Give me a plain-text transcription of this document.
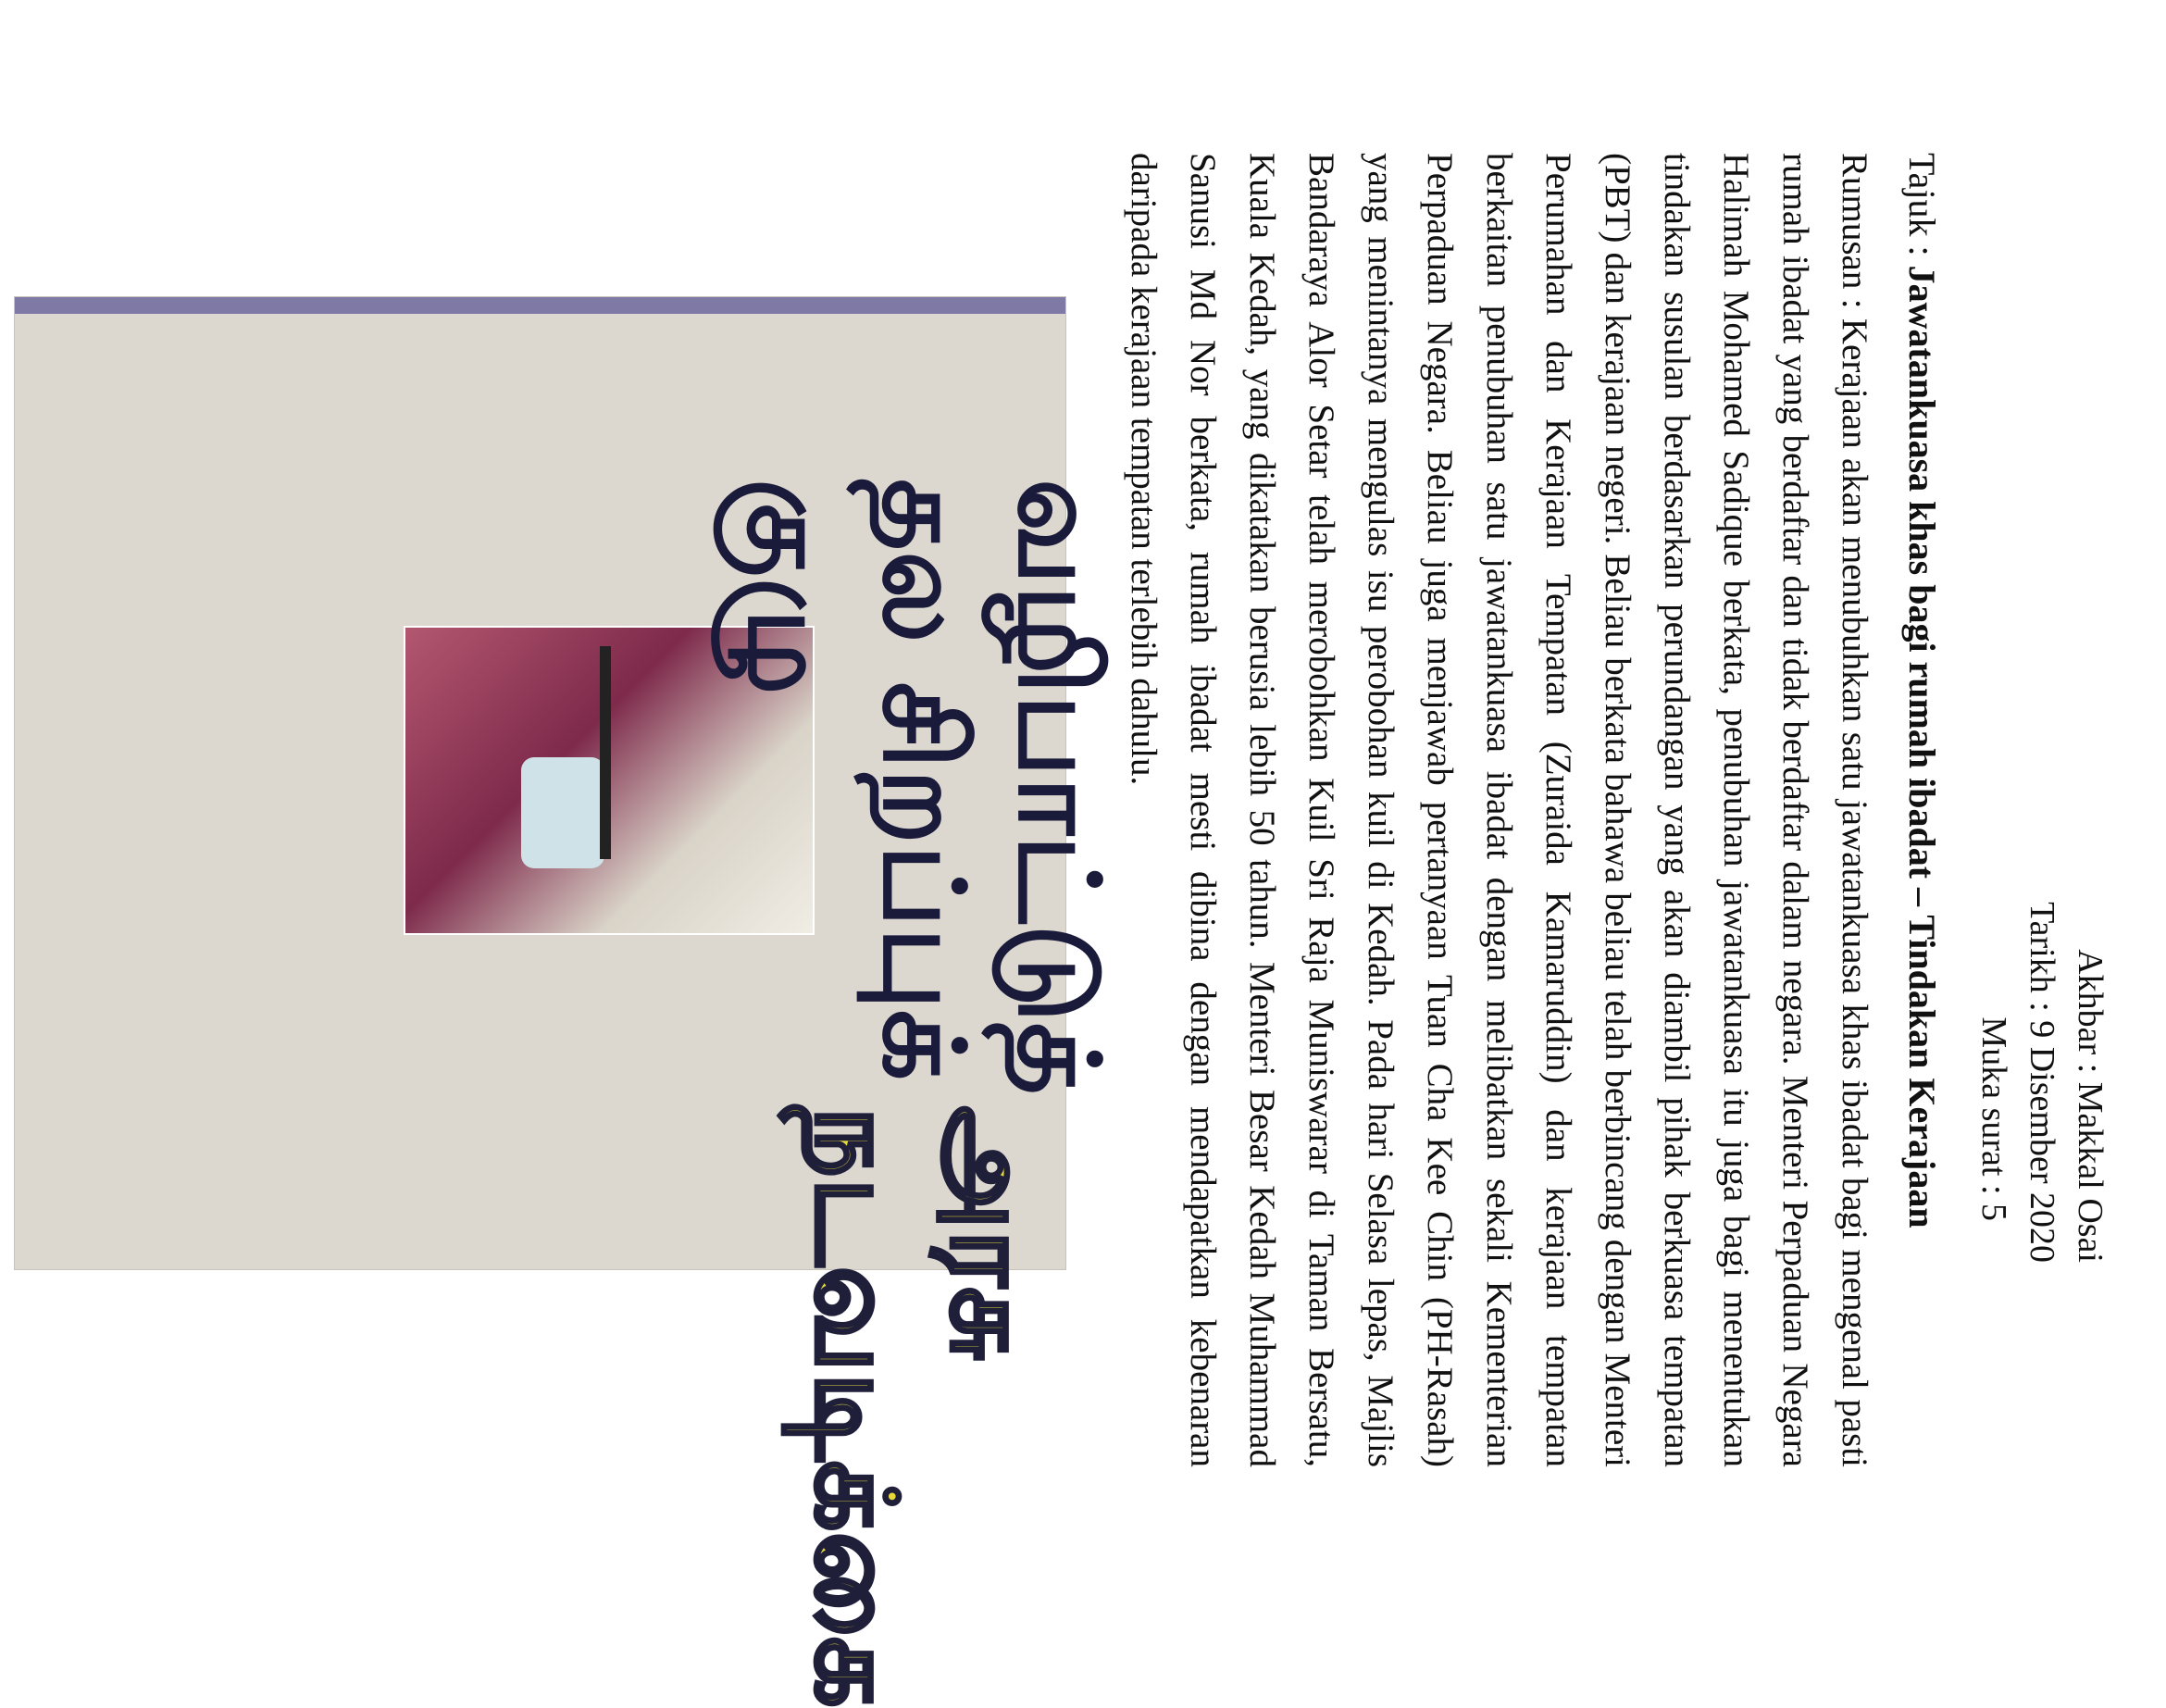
வழிபாட்டுத் தல சிறப்புக் குழு
அரசு நடவடிக்கை
Akhbar : Makkal Osai
Tarikh : 9 Disember 2020
Muka surat : 5
Tajuk : Jawatankuasa khas bagi rumah ibadat – Tindakan Kerajaan
Rumusan : Kerajaan akan menubuhkan satu jawatankuasa khas ibadat bagi mengenal pasti rumah ibadat yang berdaftar dan tidak berdaftar dalam negara. Menteri Perpaduan Negara Halimah Mohamed Sadique berkata, penubuhan jawatankuasa itu juga bagi menentukan tindakan susulan berdasarkan perundangan yang akan diambil pihak berkuasa tempatan (PBT) dan kerajaan negeri. Beliau berkata bahawa beliau telah berbincang dengan Menteri Perumahan dan Kerajaan Tempatan (Zuraida Kamaruddin) dan kerajaan tempatan berkaitan penubuhan satu jawatankuasa ibadat dengan melibatkan sekali Kementerian Perpaduan Negara. Beliau juga menjawab pertanyaan Tuan Cha Kee Chin (PH-Rasah) yang menintanya mengulas isu perobohan kuil di Kedah. Pada hari Selasa lepas, Majlis Bandaraya Alor Setar telah merobohkan Kuil Sri Raja Muniswarar di Taman Bersatu, Kuala Kedah, yang dikatakan berusia lebih 50 tahun. Menteri Besar Kedah Muhammad Sanusi Md Nor berkata, rumah ibadat mesti dibina dengan mendapatkan kebenaran daripada kerajaan tempatan terlebih dahulu.
